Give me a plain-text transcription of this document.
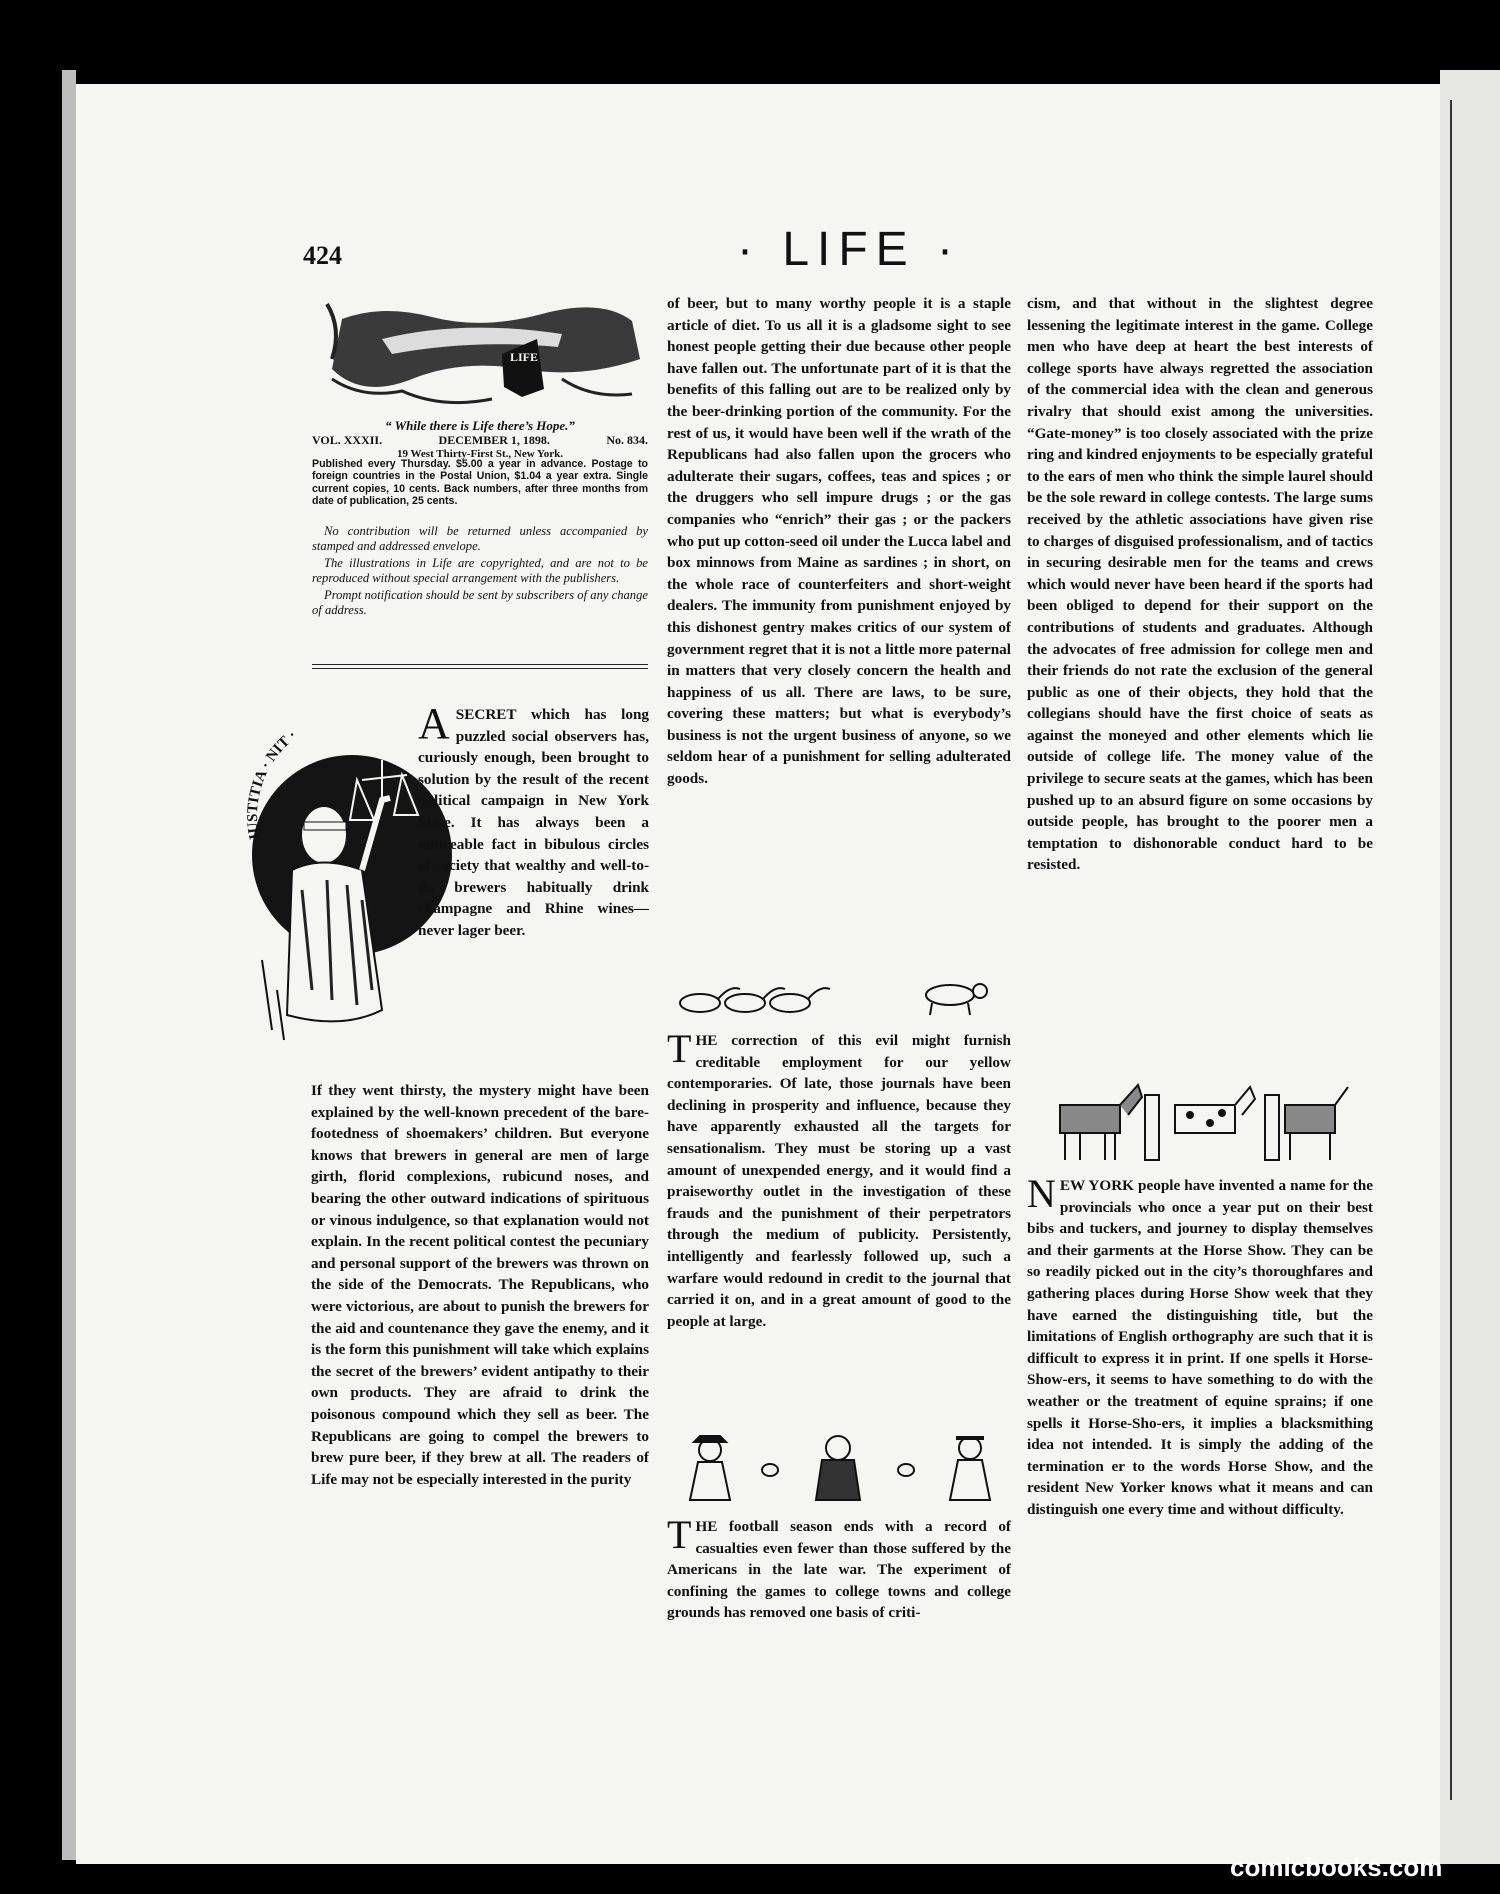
424	· LIFE ·
LIFE
“ While there is Life there’s Hope.”
VOL. XXXII.	DECEMBER 1, 1898.	No. 834.
19 West Thirty-First St., New York.
Published every Thursday. $5.00 a year in advance. Postage to foreign countries in the Postal Union, $1.04 a year extra. Single current copies, 10 cents. Back numbers, after three months from date of publication, 25 cents.

No contribution will be returned unless accompanied by stamped and addressed envelope.

The illustrations in Life are copyrighted, and are not to be reproduced without special arrangement with the publishers.

Prompt notification should be sent by subscribers of any change of address.

JUSTITIA · NIT ·	A SECRET which has long puzzled social observers has, curiously enough, been brought to solution by the result of the recent political campaign in New York State. It has always been a noticeable fact in bibulous circles of society that wealthy and well-to-do brewers habitually drink champagne and Rhine wines—never lager beer.

If they went thirsty, the mystery might have been explained by the well-known precedent of the bare-footedness of shoemakers’ children. But everyone knows that brewers in general are men of large girth, florid complexions, rubicund noses, and bearing the other outward indications of spirituous or vinous indulgence, so that explanation would not explain. In the recent political contest the pecuniary and personal support of the brewers was thrown on the side of the Democrats. The Republicans, who were victorious, are about to punish the brewers for the aid and countenance they gave the enemy, and it is the form this punishment will take which explains the secret of the brewers’ evident antipathy to their own products. They are afraid to drink the poisonous compound which they sell as beer. The Republicans are going to compel the brewers to brew pure beer, if they brew at all. The readers of Life may not be especially interested in the purity

of beer, but to many worthy people it is a staple article of diet. To us all it is a gladsome sight to see honest people getting their due because other people have fallen out. The unfortunate part of it is that the benefits of this falling out are to be realized only by the beer-drinking portion of the community. For the rest of us, it would have been well if the wrath of the Republicans had also fallen upon the grocers who adulterate their sugars, coffees, teas and spices ; or the druggers who sell impure drugs ; or the gas companies who “enrich” their gas ; or the packers who put up cotton-seed oil under the Lucca label and box minnows from Maine as sardines ; in short, on the whole race of counterfeiters and short-weight dealers. The immunity from punishment enjoyed by this dishonest gentry makes critics of our system of government regret that it is not a little more paternal in matters that very closely concern the health and happiness of us all. There are laws, to be sure, covering these matters; but what is everybody’s business is not the urgent business of anyone, so we seldom hear of a punishment for selling adulterated goods.

T HE correction of this evil might furnish creditable employment for our yellow contemporaries. Of late, those journals have been declining in prosperity and influence, because they have apparently exhausted all the targets for sensationalism. They must be storing up a vast amount of unexpended energy, and it would find a praiseworthy outlet in the investigation of these frauds and the punishment of their perpetrators through the medium of publicity. Persistently, intelligently and fearlessly followed up, such a warfare would redound in credit to the journal that carried it on, and in a great amount of good to the people at large.
T HE football season ends with a record of casualties even fewer than those suffered by the Americans in the late war. The experiment of confining the games to college towns and college grounds has removed one basis of criti-

cism, and that without in the slightest degree lessening the legitimate interest in the game. College men who have deep at heart the best interests of college sports have always regretted the association of the commercial idea with the clean and generous rivalry that should exist among the universities. “Gate-money” is too closely associated with the prize ring and kindred enjoyments to be especially grateful to the ears of men who think the simple laurel should be the sole reward in college contests. The large sums received by the athletic associations have given rise to charges of disguised professionalism, and of tactics in securing desirable men for the teams and crews which would never have been heard if the sports had been obliged to depend for their support on the contributions of students and graduates. Although the advocates of free admission for college men and their friends do not rate the exclusion of the general public as one of their objects, they hold that the collegians should have the first choice of seats as against the moneyed and other elements which lie outside of college life. The money value of the privilege to secure seats at the games, which has been pushed up to an absurd figure on some occasions by outside people, has brought to the poorer men a temptation to dishonorable conduct hard to be resisted.

N EW YORK people have invented a name for the provincials who once a year put on their best bibs and tuckers, and journey to display themselves and their garments at the Horse Show. They can be so readily picked out in the city’s thoroughfares and gathering places during Horse Show week that they have earned the distinguishing title, but the limitations of English orthography are such that it is difficult to express it in print. If one spells it Horse-Show-ers, it seems to have something to do with the weather or the treatment of equine sprains; if one spells it Horse-Sho-ers, it implies a blacksmithing idea not intended. It is simply the adding of the termination er to the words Horse Show, and the resident New Yorker knows what it means and can distinguish one every time and without difficulty.
comicbooks.com
